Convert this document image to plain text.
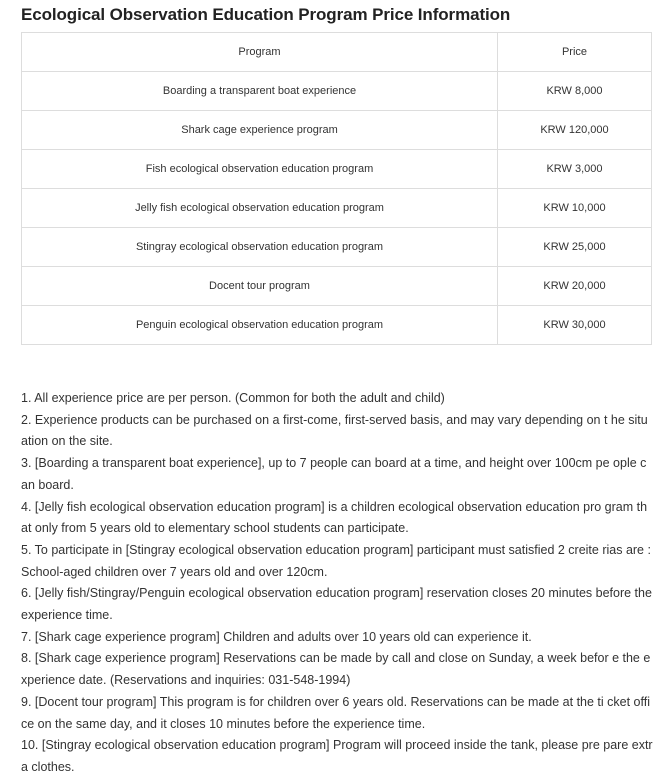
Ecological Observation Education Program Price Information
Program	Price
Boarding a transparent boat experience	KRW 8,000
Shark cage experience program	KRW 120,000
Fish ecological observation education program	KRW 3,000
Jelly fish ecological observation education program	KRW 10,000
Stingray ecological observation education program	KRW 25,000
Docent tour program	KRW 20,000
Penguin ecological observation education program	KRW 30,000
1. All experience price are per person. (Common for both the adult and child)
2. Experience products can be purchased on a first-come, first-served basis, and may vary depending on t he situation on the site.
3. [Boarding a transparent boat experience], up to 7 people can board at a time, and height over 100cm pe ople can board.
4. [Jelly fish ecological observation education program] is a children ecological observation education pro gram that only from 5 years old to elementary school students can participate.
5. To participate in [Stingray ecological observation education program] participant must satisfied 2 creite rias are : School-aged children over 7 years old and over 120cm.
6. [Jelly fish/Stingray/Penguin ecological observation education program] reservation closes 20 minutes before the experience time.
7. [Shark cage experience program] Children and adults over 10 years old can experience it.
8. [Shark cage experience program] Reservations can be made by call and close on Sunday, a week befor e the experience date. (Reservations and inquiries: 031-548-1994)
9. [Docent tour program] This program is for children over 6 years old. Reservations can be made at the ti cket office on the same day, and it closes 10 minutes before the experience time.
10. [Stingray ecological observation education program] Program will proceed inside the tank, please pre pare extra clothes.
